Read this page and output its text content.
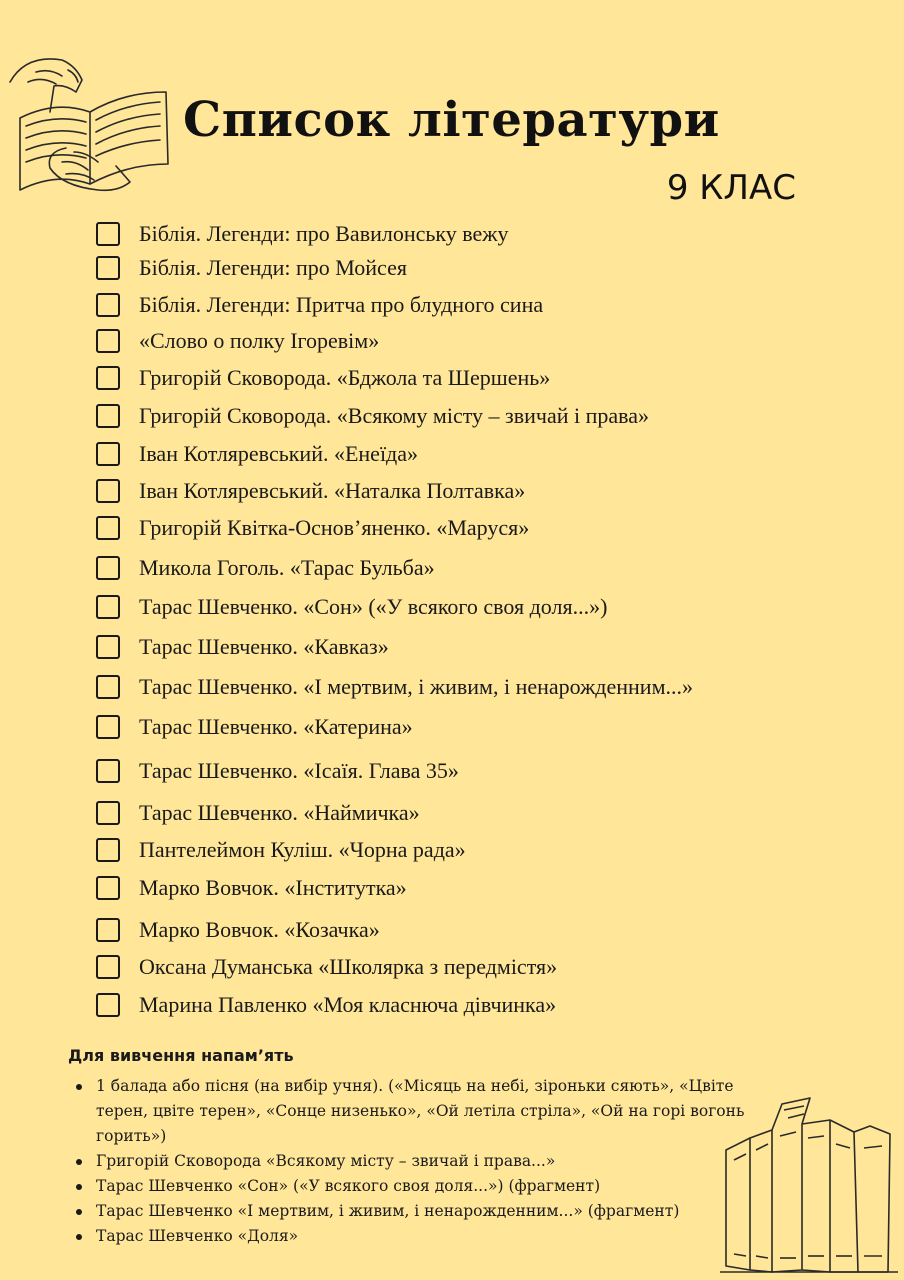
Список літератури
9 КЛАС
Біблія. Легенди: про Вавилонську вежу
Біблія. Легенди: про Мойсея
Біблія. Легенди: Притча про блудного сина
«Слово о полку Ігоревім»
Григорій Сковорода. «Бджола та Шершень»
Григорій Сковорода. «Всякому місту – звичай і права»
Іван Котляревський. «Енеїда»
Іван Котляревський. «Наталка Полтавка»
Григорій Квітка-Основ’яненко. «Маруся»
Микола Гоголь. «Тарас Бульба»
Тарас Шевченко. «Сон» («У всякого своя доля...»)
Тарас Шевченко. «Кавказ»
Тарас Шевченко. «І мертвим, і живим, і ненарожденним...»
Тарас Шевченко. «Катерина»
Тарас Шевченко. «Ісаїя. Глава 35»
Тарас Шевченко. «Наймичка»
Пантелеймон Куліш. «Чорна рада»
Марко Вовчок. «Інститутка»
Марко Вовчок. «Козачка»
Оксана Думанська «Школярка з передмістя»
Марина Павленко «Моя класнюча дівчинка»
Для вивчення напам’ять
1 балада або пісня (на вибір учня). («Місяць на небі, зіроньки сяють», «Цвіте терен, цвіте терен», «Сонце низенько», «Ой летіла стріла», «Ой на горі вогонь горить»)
Григорій Сковорода «Всякому місту – звичай і права...»
Тарас Шевченко «Сон» («У всякого своя доля...») (фрагмент)
Тарас Шевченко «І мертвим, і живим, і ненарожденним...» (фрагмент)
Тарас Шевченко «Доля»
